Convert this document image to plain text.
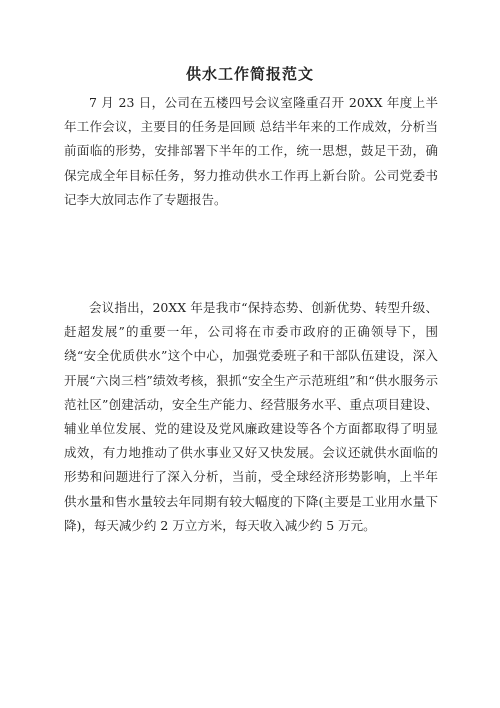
供水工作简报范文

7 月 23 日，公司在五楼四号会议室隆重召开 20XX 年度上半年工作会议，主要目的任务是回顾 总结半年来的工作成效，分析当前面临的形势，安排部署下半年的工作，统一思想，鼓足干劲，确保完成全年目标任务，努力推动供水工作再上新台阶。公司党委书记李大放同志作了专题报告。

会议指出，20XX 年是我市“保持态势、创新优势、转型升级、赶超发展”的重要一年，公司将在市委市政府的正确领导下，围绕“安全优质供水”这个中心，加强党委班子和干部队伍建设，深入开展“六岗三档”绩效考核，狠抓“安全生产示范班组”和“供水服务示范社区”创建活动，安全生产能力、经营服务水平、重点项目建设、辅业单位发展、党的建设及党风廉政建设等各个方面都取得了明显成效，有力地推动了供水事业又好又快发展。会议还就供水面临的形势和问题进行了深入分析，当前，受全球经济形势影响，上半年供水量和售水量较去年同期有较大幅度的下降(主要是工业用水量下降)，每天减少约 2 万立方米，每天收入减少约 5 万元。
